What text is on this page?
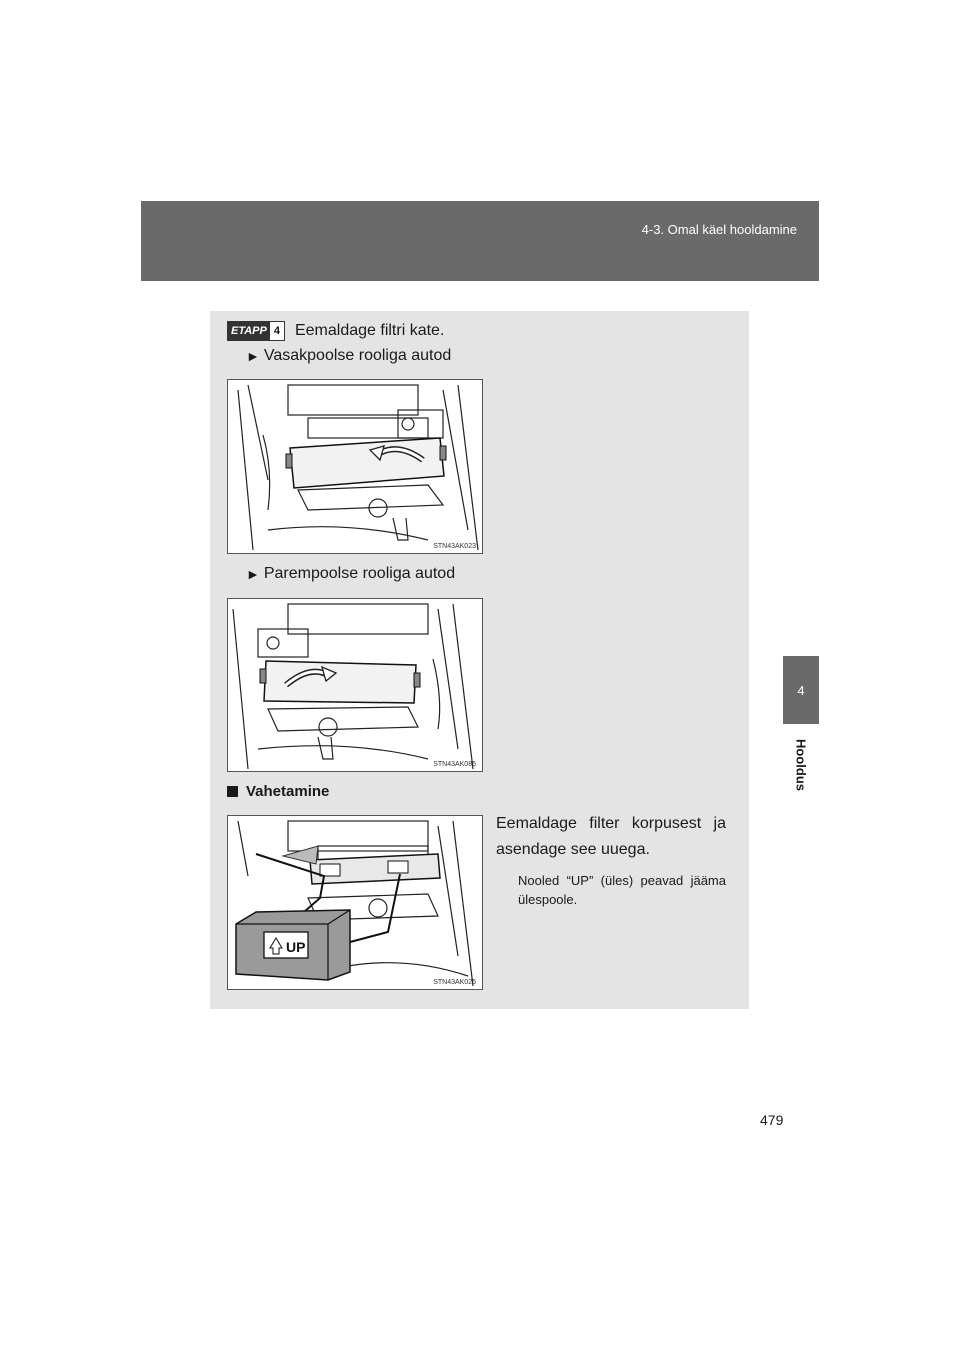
4-3. Omal käel hooldamine
4
Hooldus
ETAPP 4 Eemaldage filtri kate.
► Vasakpoolse rooliga autod
STN43AK023
► Parempoolse rooliga autod
STN43AK085
Vahetamine
UP
STN43AK025
Eemaldage filter korpusest ja asendage see uuega.
Nooled “UP” (üles) peavad jääma ülespoole.
479
